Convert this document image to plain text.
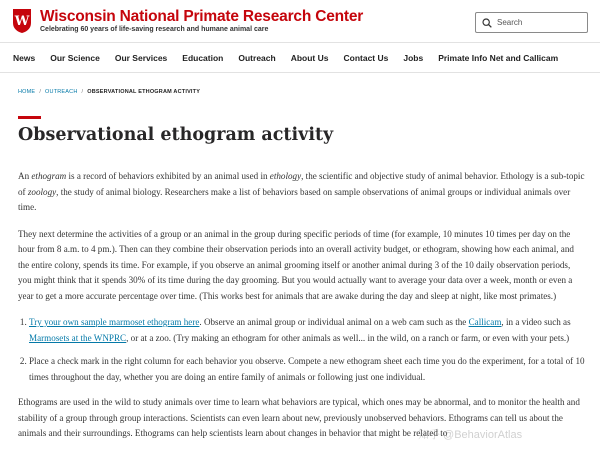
W Wisconsin National Primate Research Center
Celebrating 60 years of life-saving research and humane animal care
Search
News Our Science Our Services Education Outreach About Us Contact Us Jobs Primate Info Net and Callicam
HOME / OUTREACH / OBSERVATIONAL ETHOGRAM ACTIVITY
Observational ethogram activity

An ethogram is a record of behaviors exhibited by an animal used in ethology, the scientific and objective study of animal behavior. Ethology is a sub-topic of zoology, the study of animal biology. Researchers make a list of behaviors based on sample observations of animal groups or individual animals over time.

They next determine the activities of a group or an animal in the group during specific periods of time (for example, 10 minutes 10 times per day on the hour from 8 a.m. to 4 pm.). Then can they combine their observation periods into an overall activity budget, or ethogram, showing how each animal, and the entire colony, spends its time. For example, if you observe an animal grooming itself or another animal during 3 of the 10 daily observation periods, you might think that it spends 30% of its time during the day grooming. But you would actually want to average your data over a week, month or even a year to get a more accurate percentage over time. (This works best for animals that are awake during the day and sleep at night, like most primates.)

1. Try your own sample marmoset ethogram here. Observe an animal group or individual animal on a web cam such as the Callicam, in a video such as Marmosets at the WNPRC, or at a zoo. (Try making an ethogram for other animals as well... in the wild, on a ranch or farm, or even with your pets.)
2. Place a check mark in the right column for each behavior you observe. Compete a new ethogram sheet each time you do the experiment, for a total of 10 times throughout the day, whether you are doing an entire family of animals or following just one individual.

Ethograms are used in the wild to study animals over time to learn what behaviors are typical, which ones may be abnormal, and to monitor the health and stability of a group through group interactions. Scientists can even learn about new, previously unobserved behaviors. Ethograms can tell us about the animals and their surroundings. Ethograms can help scientists learn about changes in behavior that might be related to

知乎 @BehaviorAtlas
